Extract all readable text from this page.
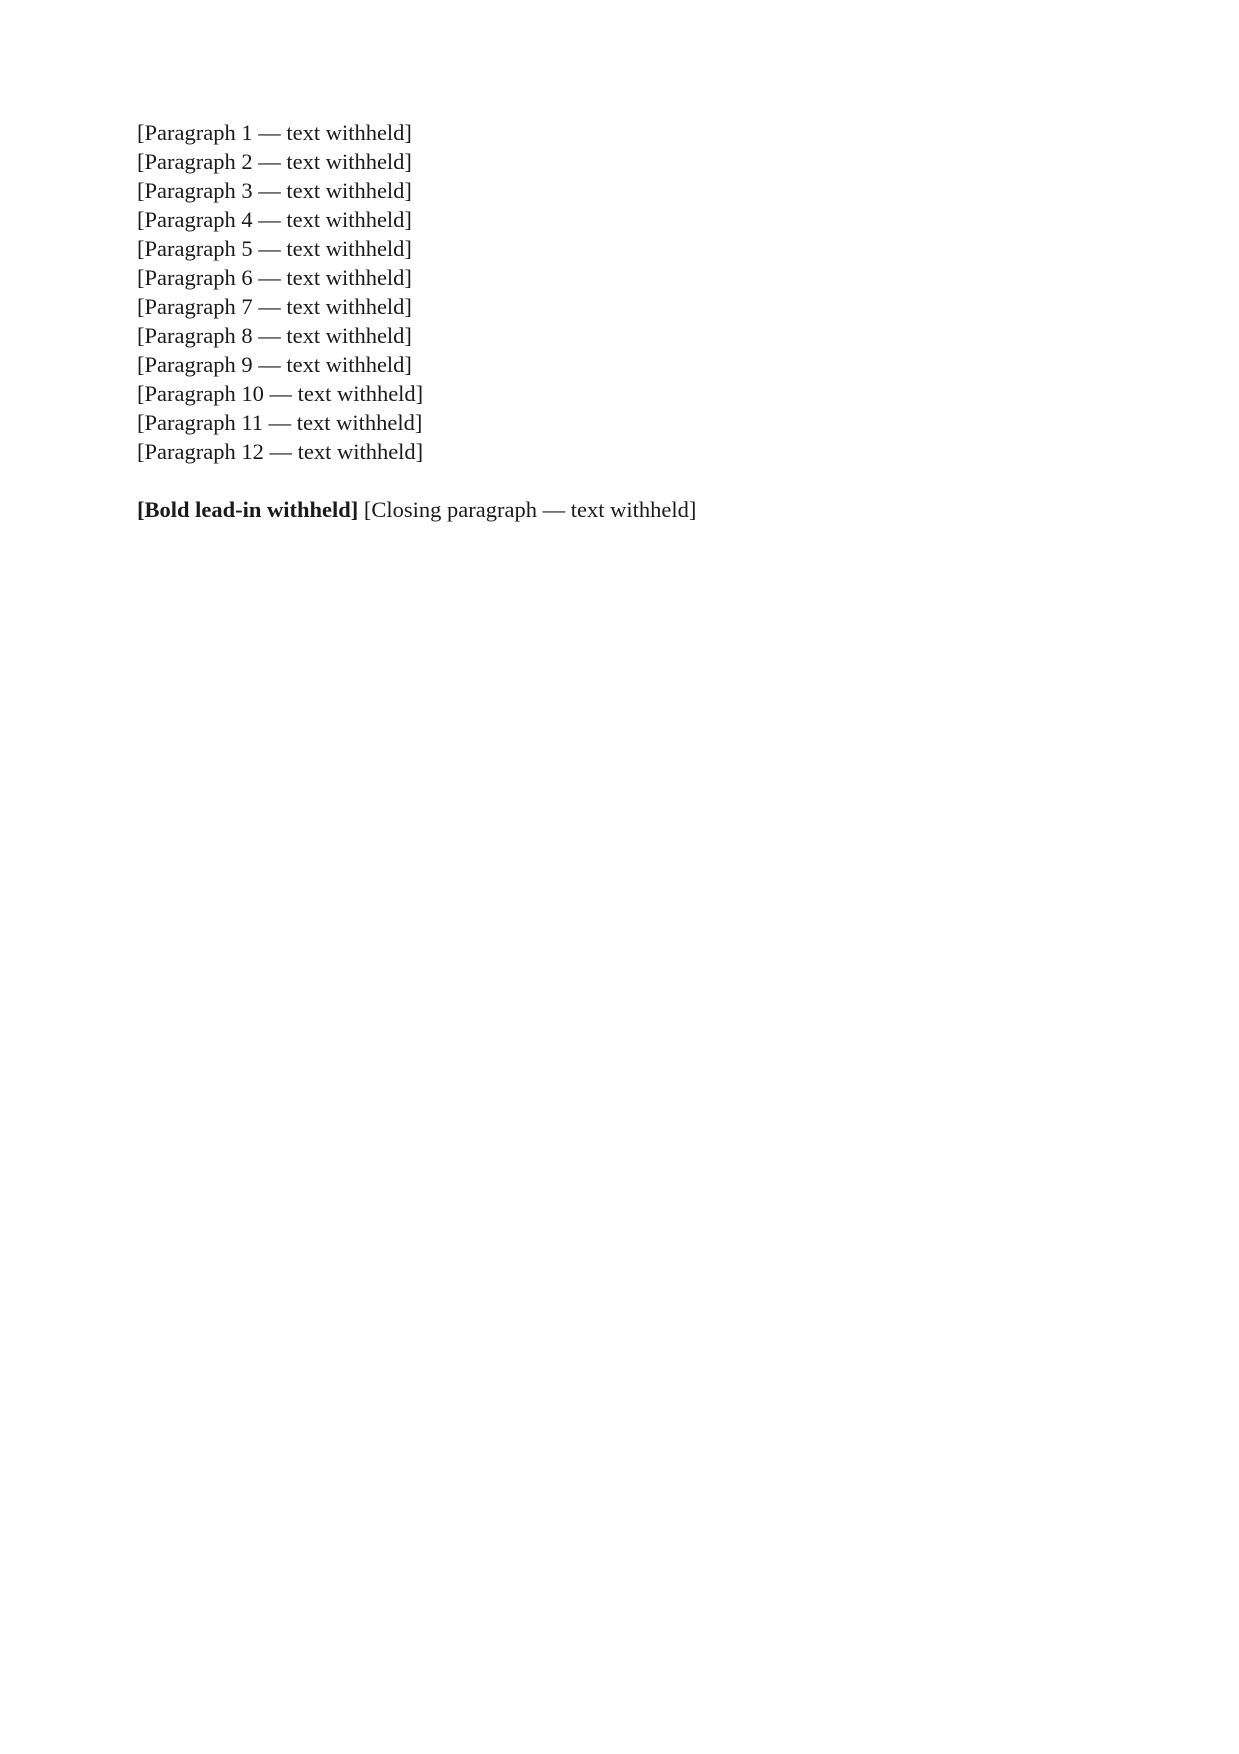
[Paragraph 1 — text withheld]

[Paragraph 2 — text withheld]

[Paragraph 3 — text withheld]

[Paragraph 4 — text withheld]

[Paragraph 5 — text withheld]

[Paragraph 6 — text withheld]

[Paragraph 7 — text withheld]

[Paragraph 8 — text withheld]

[Paragraph 9 — text withheld]

[Paragraph 10 — text withheld]

[Paragraph 11 — text withheld]

[Paragraph 12 — text withheld]

[Bold lead-in withheld] [Closing paragraph — text withheld]
